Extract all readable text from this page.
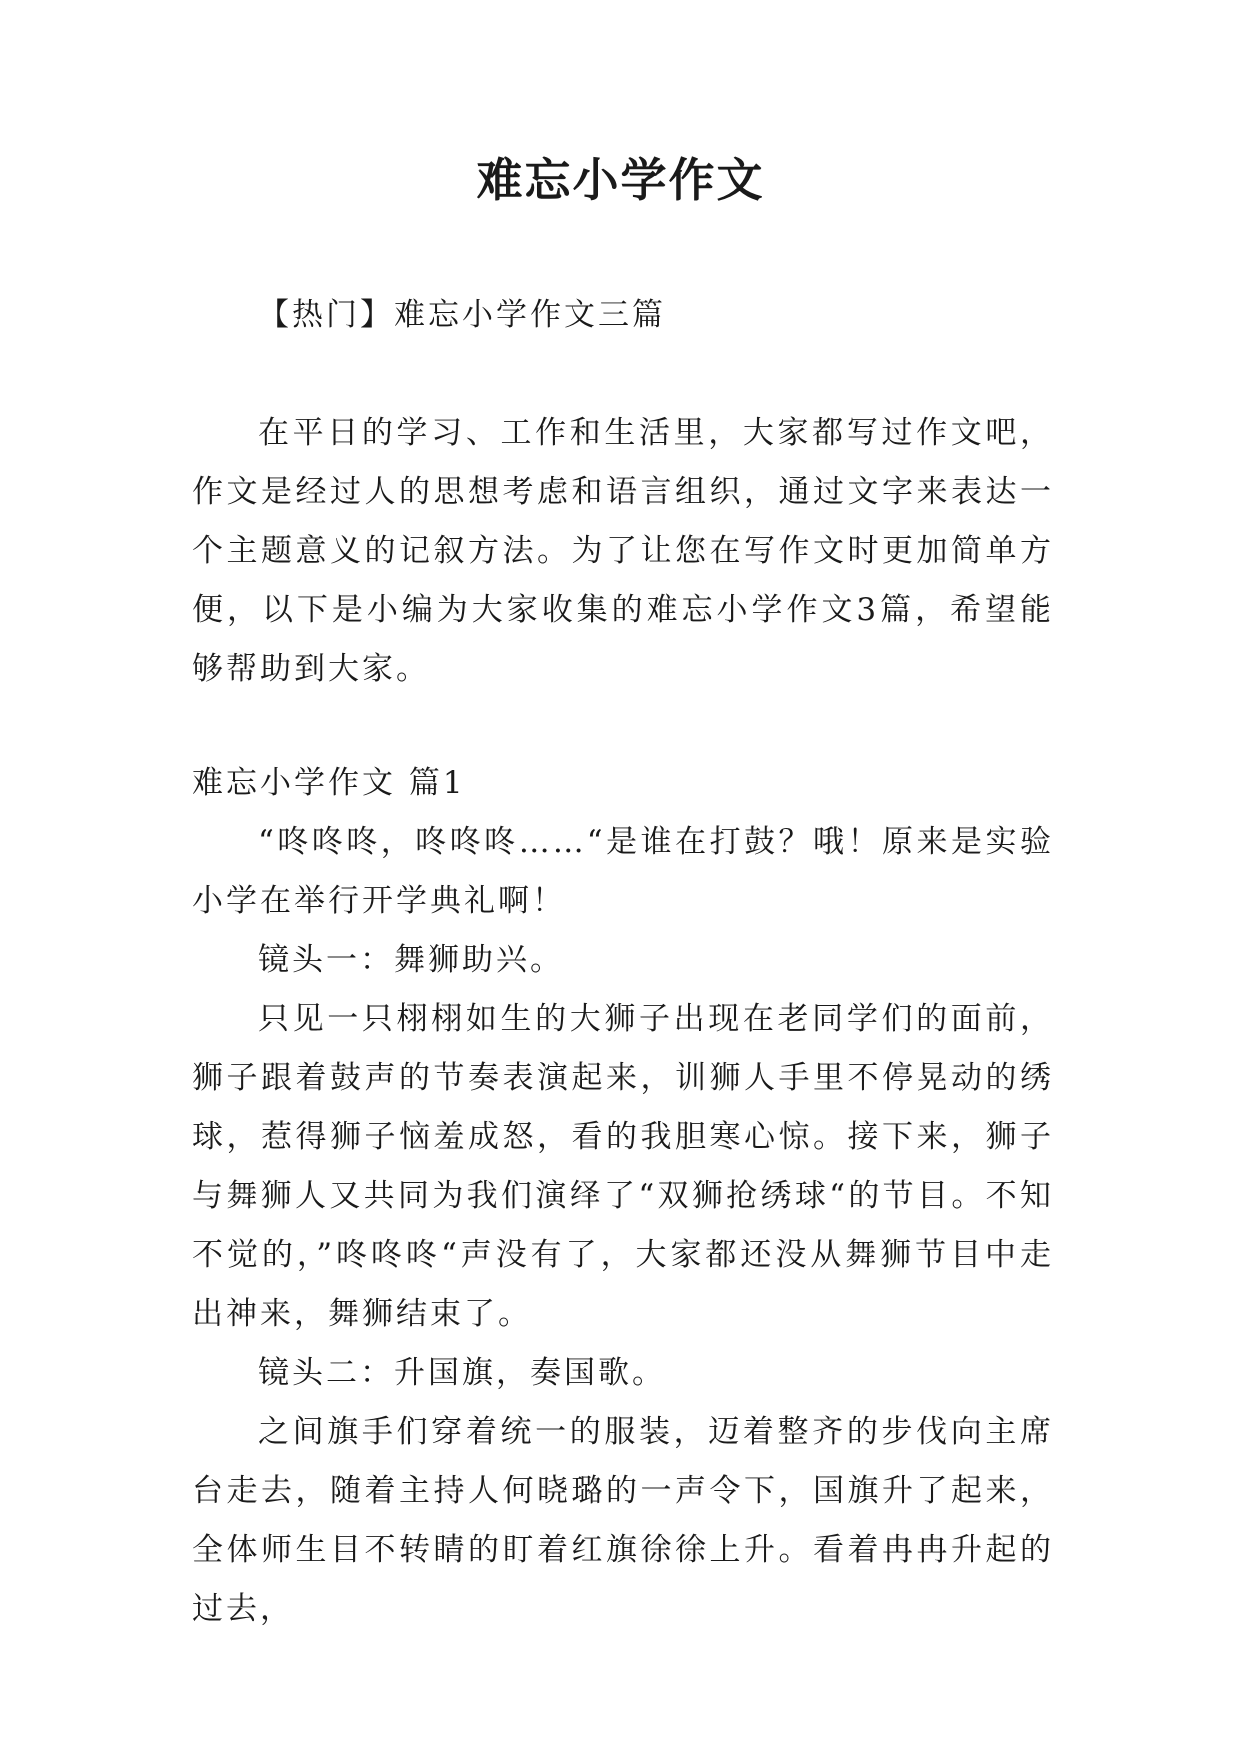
难忘小学作文

【热门】难忘小学作文三篇

在平日的学习、工作和生活里，大家都写过作文吧，作文是经过人的思想考虑和语言组织，通过文字来表达一个主题意义的记叙方法。为了让您在写作文时更加简单方便，以下是小编为大家收集的难忘小学作文3篇，希望能够帮助到大家。

难忘小学作文 篇1

“咚咚咚，咚咚咚……“是谁在打鼓？哦！原来是实验小学在举行开学典礼啊！

镜头一：舞狮助兴。

只见一只栩栩如生的大狮子出现在老同学们的面前，狮子跟着鼓声的节奏表演起来，训狮人手里不停晃动的绣球，惹得狮子恼羞成怒，看的我胆寒心惊。接下来，狮子与舞狮人又共同为我们演绎了“双狮抢绣球“的节目。不知不觉的，”咚咚咚“声没有了，大家都还没从舞狮节目中走出神来，舞狮结束了。

镜头二：升国旗，奏国歌。

之间旗手们穿着统一的服装，迈着整齐的步伐向主席台走去，随着主持人何晓璐的一声令下，国旗升了起来，全体师生目不转睛的盯着红旗徐徐上升。看着冉冉升起的过去，
